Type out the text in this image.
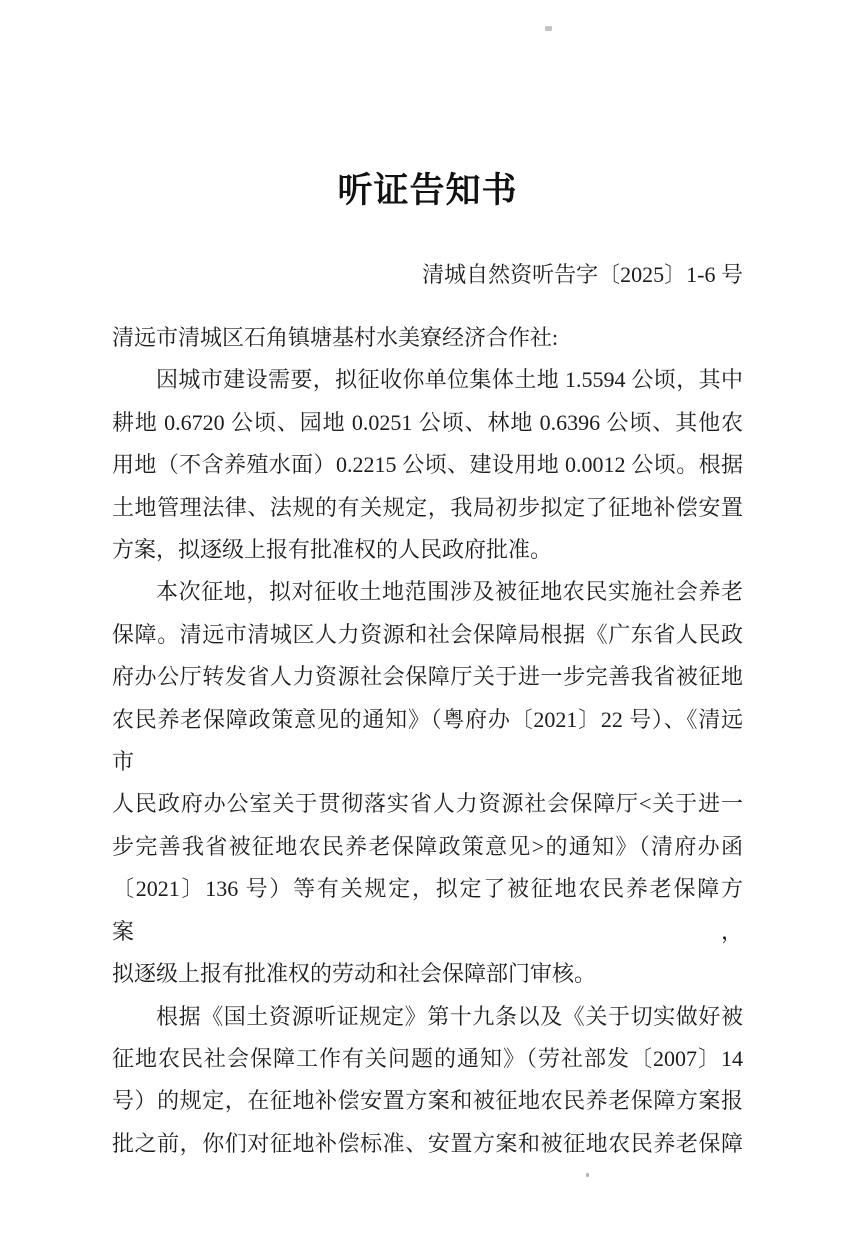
听证告知书
清城自然资听告字〔2025〕1-6 号
清远市清城区石角镇塘基村水美寮经济合作社:
因城市建设需要，拟征收你单位集体土地 1.5594 公顷，其中
耕地 0.6720 公顷、园地 0.0251 公顷、林地 0.6396 公顷、其他农
用地（不含养殖水面）0.2215 公顷、建设用地 0.0012 公顷。根据
土地管理法律、法规的有关规定，我局初步拟定了征地补偿安置
方案，拟逐级上报有批准权的人民政府批准。
本次征地，拟对征收土地范围涉及被征地农民实施社会养老
保障。清远市清城区人力资源和社会保障局根据《广东省人民政
府办公厅转发省人力资源社会保障厅关于进一步完善我省被征地
农民养老保障政策意见的通知》（粤府办〔2021〕22 号）、《清远市
人民政府办公室关于贯彻落实省人力资源社会保障厅<关于进一
步完善我省被征地农民养老保障政策意见>的通知》（清府办函
〔2021〕136 号）等有关规定，拟定了被征地农民养老保障方案，
拟逐级上报有批准权的劳动和社会保障部门审核。
根据《国土资源听证规定》第十九条以及《关于切实做好被
征地农民社会保障工作有关问题的通知》（劳社部发〔2007〕14
号）的规定，在征地补偿安置方案和被征地农民养老保障方案报
批之前，你们对征地补偿标准、安置方案和被征地农民养老保障
